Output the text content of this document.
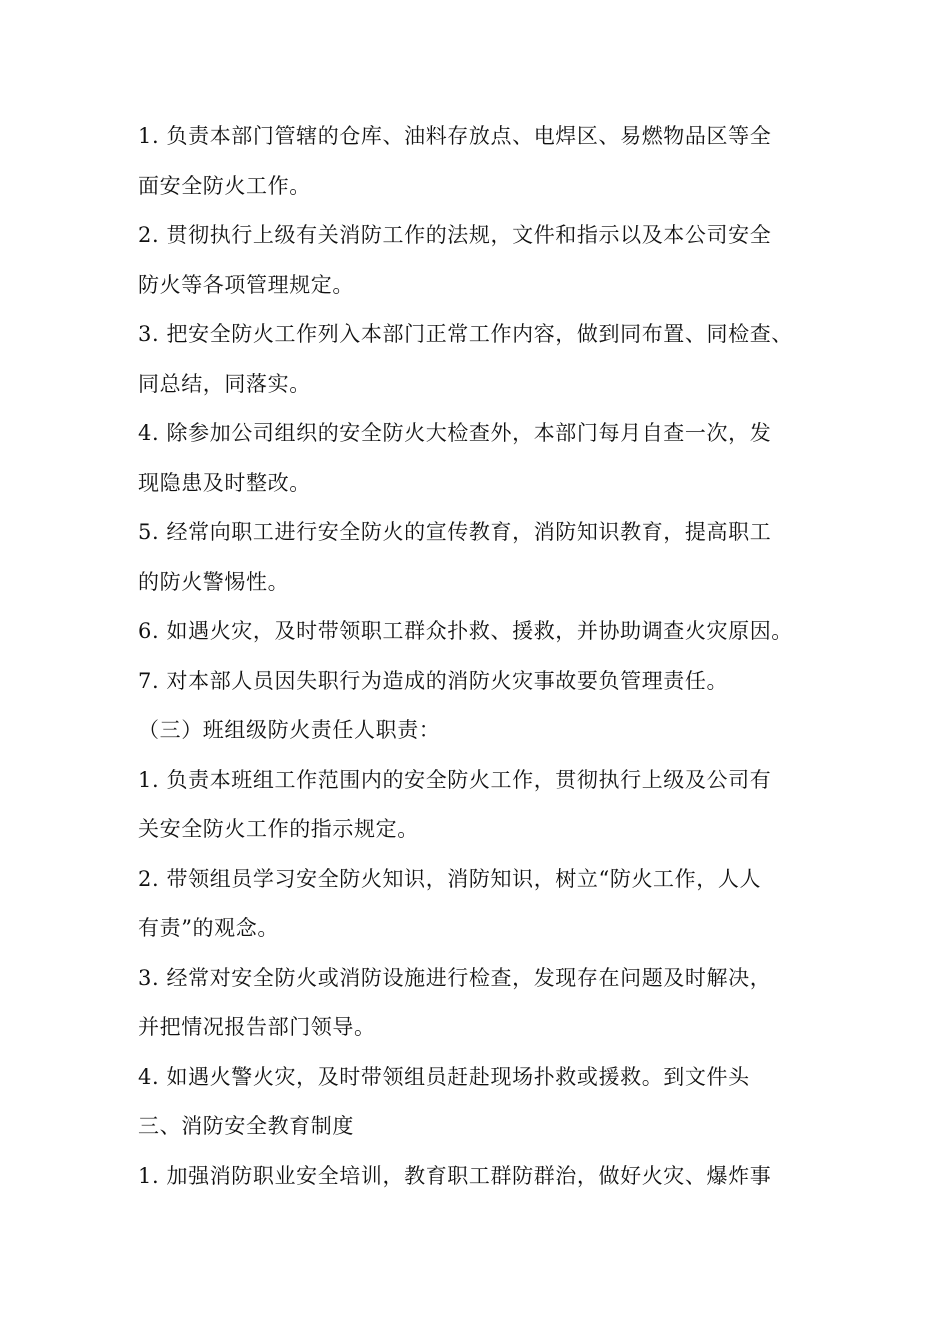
1. 负责本部门管辖的仓库、油料存放点、电焊区、易燃物品区等全
面安全防火工作。
2. 贯彻执行上级有关消防工作的法规，文件和指示以及本公司安全
防火等各项管理规定。
3. 把安全防火工作列入本部门正常工作内容，做到同布置、同检查、
同总结，同落实。
4. 除参加公司组织的安全防火大检查外，本部门每月自查一次，发
现隐患及时整改。
5. 经常向职工进行安全防火的宣传教育，消防知识教育，提高职工
的防火警惕性。
6. 如遇火灾，及时带领职工群众扑救、援救，并协助调查火灾原因。
7. 对本部人员因失职行为造成的消防火灾事故要负管理责任。
（三）班组级防火责任人职责：
1. 负责本班组工作范围内的安全防火工作，贯彻执行上级及公司有
关安全防火工作的指示规定。
2. 带领组员学习安全防火知识，消防知识，树立“防火工作，人人
有责”的观念。
3. 经常对安全防火或消防设施进行检查，发现存在问题及时解决，
并把情况报告部门领导。
4. 如遇火警火灾，及时带领组员赶赴现场扑救或援救。到文件头
三、消防安全教育制度
1. 加强消防职业安全培训，教育职工群防群治，做好火灾、爆炸事
